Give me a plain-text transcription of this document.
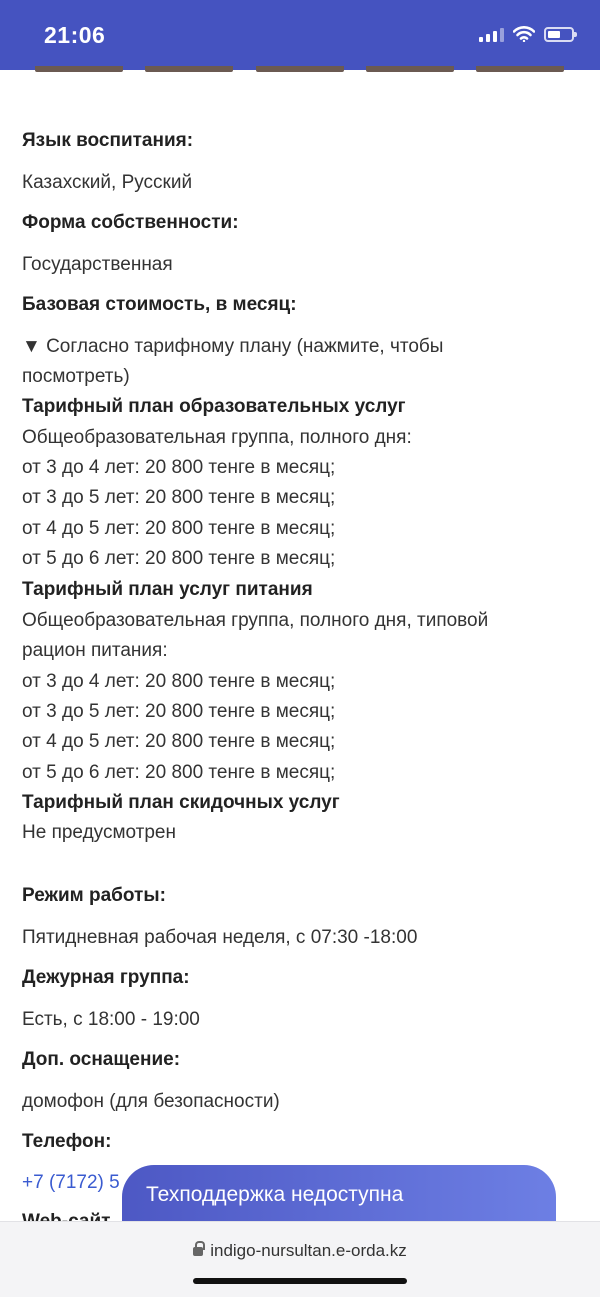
21:06
Язык воспитания:
Казахский, Русский
Форма собственности:
Государственная
Базовая стоимость, в месяц:
▼ Согласно тарифному плану (нажмите, чтобы
посмотреть)
Тарифный план образовательных услуг
Общеобразовательная группа, полного дня:
от 3 до 4 лет: 20 800 тенге в месяц;
от 3 до 5 лет: 20 800 тенге в месяц;
от 4 до 5 лет: 20 800 тенге в месяц;
от 5 до 6 лет: 20 800 тенге в месяц;
Тарифный план услуг питания
Общеобразовательная группа, полного дня, типовой
рацион питания:
от 3 до 4 лет: 20 800 тенге в месяц;
от 3 до 5 лет: 20 800 тенге в месяц;
от 4 до 5 лет: 20 800 тенге в месяц;
от 5 до 6 лет: 20 800 тенге в месяц;
Тарифный план скидочных услуг
Не предусмотрен
Режим работы:
Пятидневная рабочая неделя, с 07:30 -18:00
Дежурная группа:
Есть, с 18:00 - 19:00
Доп. оснащение:
домофон (для безопасности)
Телефон:
+7 (7172) 5
Техподдержка недоступна
indigo-nursultan.e-orda.kz
